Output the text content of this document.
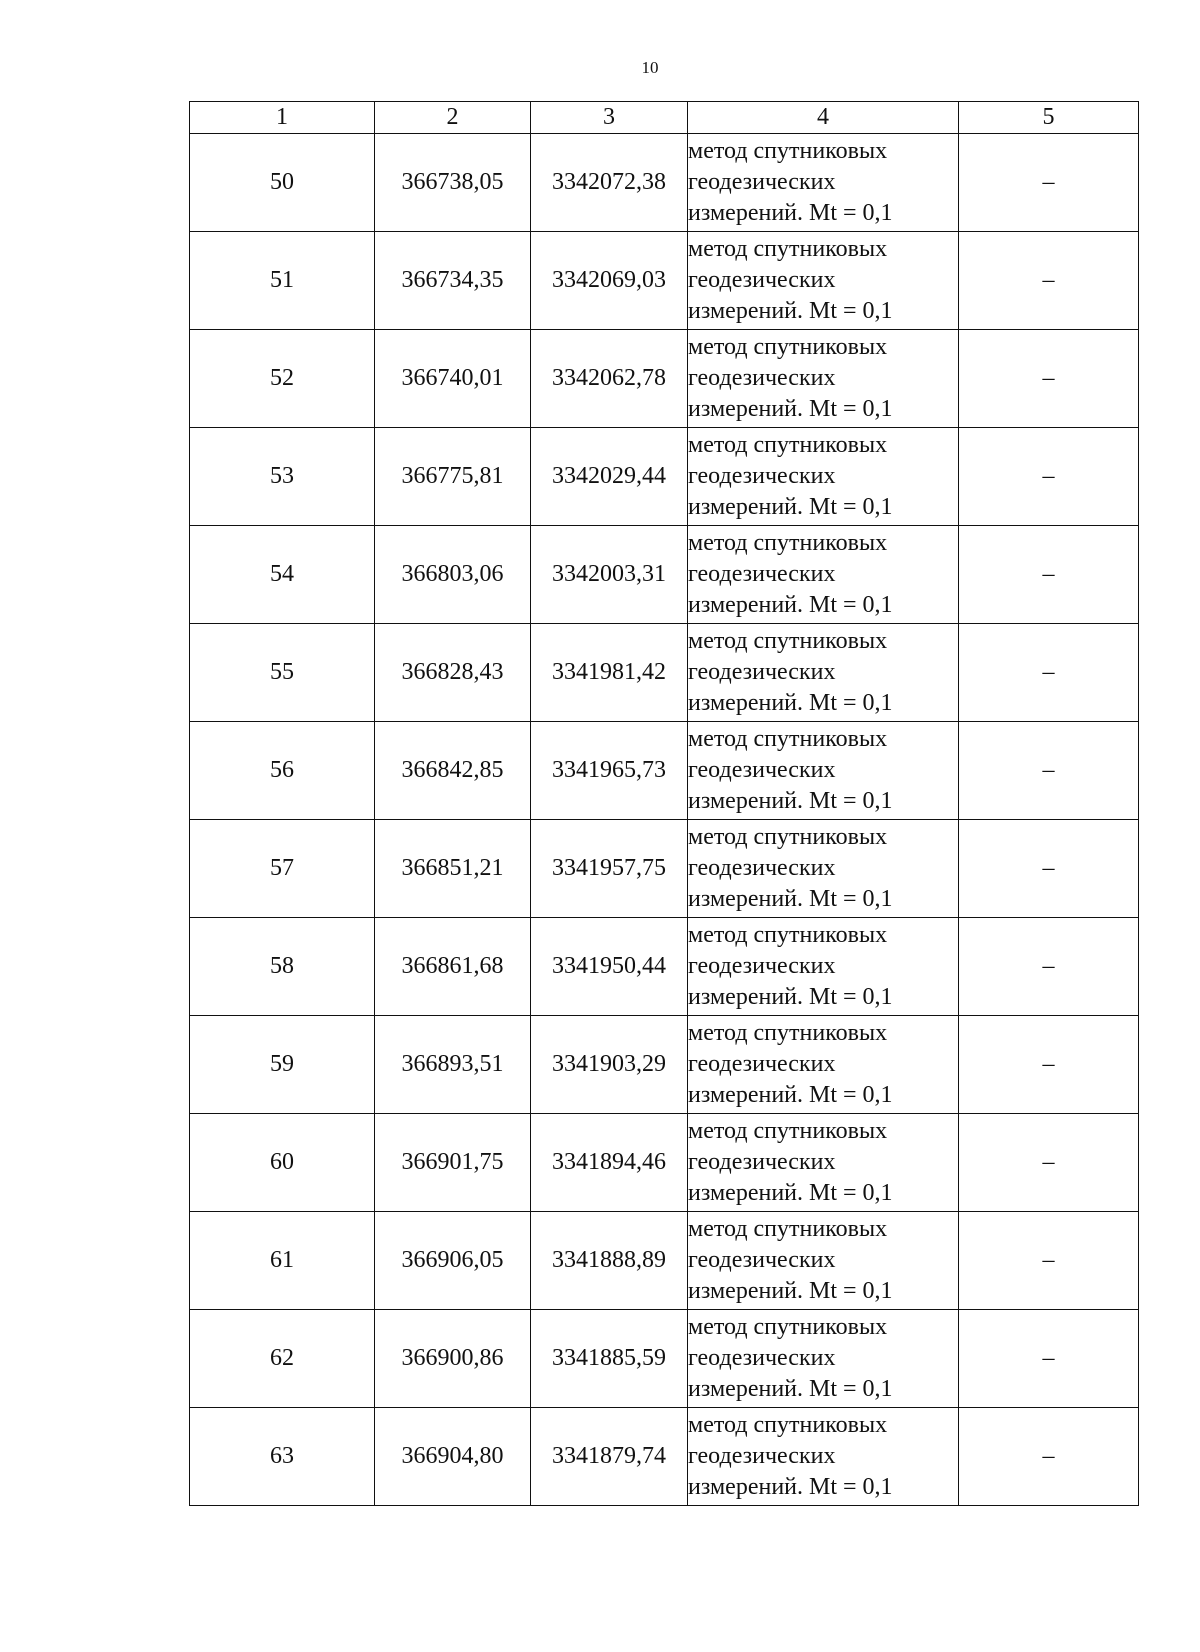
10
1	2	3	4	5
50	366738,05	3342072,38	метод спутниковых
геодезических
измерений. Mt = 0,1	–
51	366734,35	3342069,03	метод спутниковых
геодезических
измерений. Mt = 0,1	–
52	366740,01	3342062,78	метод спутниковых
геодезических
измерений. Mt = 0,1	–
53	366775,81	3342029,44	метод спутниковых
геодезических
измерений. Mt = 0,1	–
54	366803,06	3342003,31	метод спутниковых
геодезических
измерений. Mt = 0,1	–
55	366828,43	3341981,42	метод спутниковых
геодезических
измерений. Mt = 0,1	–
56	366842,85	3341965,73	метод спутниковых
геодезических
измерений. Mt = 0,1	–
57	366851,21	3341957,75	метод спутниковых
геодезических
измерений. Mt = 0,1	–
58	366861,68	3341950,44	метод спутниковых
геодезических
измерений. Mt = 0,1	–
59	366893,51	3341903,29	метод спутниковых
геодезических
измерений. Mt = 0,1	–
60	366901,75	3341894,46	метод спутниковых
геодезических
измерений. Mt = 0,1	–
61	366906,05	3341888,89	метод спутниковых
геодезических
измерений. Mt = 0,1	–
62	366900,86	3341885,59	метод спутниковых
геодезических
измерений. Mt = 0,1	–
63	366904,80	3341879,74	метод спутниковых
геодезических
измерений. Mt = 0,1	–
